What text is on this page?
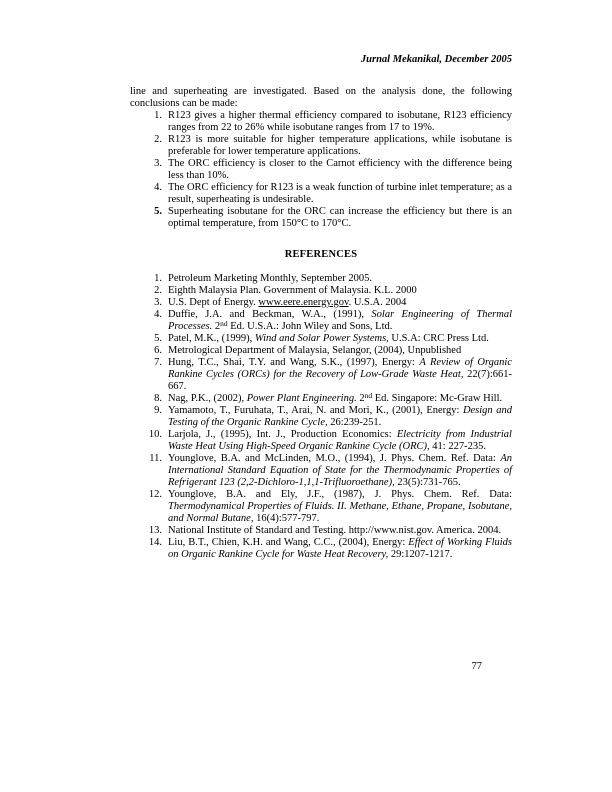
Jurnal Mekanikal, December 2005

line and superheating are investigated. Based on the analysis done, the following conclusions can be made:

1. R123 gives a higher thermal efficiency compared to isobutane, R123 efficiency ranges from 22 to 26% while isobutane ranges from 17 to 19%.
2. R123 is more suitable for higher temperature applications, while isobutane is preferable for lower temperature applications.
3. The ORC efficiency is closer to the Carnot efficiency with the difference being less than 10%.
4. The ORC efficiency for R123 is a weak function of turbine inlet temperature; as a result, superheating is undesirable.
5. Superheating isobutane for the ORC can increase the efficiency but there is an optimal temperature, from 150°C to 170°C.
REFERENCES
1. Petroleum Marketing Monthly, September 2005.
2. Eighth Malaysia Plan. Government of Malaysia. K.L. 2000
3. U.S. Dept of Energy. www.eere.energy.gov. U.S.A. 2004
4. Duffie, J.A. and Beckman, W.A., (1991), Solar Engineering of Thermal Processes. 2nd Ed. U.S.A.: John Wiley and Sons, Ltd.
5. Patel, M.K., (1999), Wind and Solar Power Systems, U.S.A: CRC Press Ltd.
6. Metrological Department of Malaysia, Selangor, (2004), Unpublished
7. Hung, T.C., Shai, T.Y. and Wang, S.K., (1997), Energy: A Review of Organic Rankine Cycles (ORCs) for the Recovery of Low-Grade Waste Heat, 22(7):661-667.
8. Nag, P.K., (2002), Power Plant Engineering. 2nd Ed. Singapore: Mc-Graw Hill.
9. Yamamoto, T., Furuhata, T., Arai, N. and Mori, K., (2001), Energy: Design and Testing of the Organic Rankine Cycle, 26:239-251.
10. Larjola, J., (1995), Int. J., Production Economics: Electricity from Industrial Waste Heat Using High-Speed Organic Rankine Cycle (ORC), 41: 227-235.
11. Younglove, B.A. and McLinden, M.O., (1994), J. Phys. Chem. Ref. Data: An International Standard Equation of State for the Thermodynamic Properties of Refrigerant 123 (2,2-Dichloro-1,1,1-Trifluoroethane), 23(5):731-765.
12. Younglove, B.A. and Ely, J.F., (1987), J. Phys. Chem. Ref. Data: Thermodynamical Properties of Fluids. II. Methane, Ethane, Propane, Isobutane, and Normal Butane, 16(4):577-797.
13. National Institute of Standard and Testing. http://www.nist.gov. America. 2004.
14. Liu, B.T., Chien, K.H. and Wang, C.C., (2004), Energy: Effect of Working Fluids on Organic Rankine Cycle for Waste Heat Recovery, 29:1207-1217.
77
